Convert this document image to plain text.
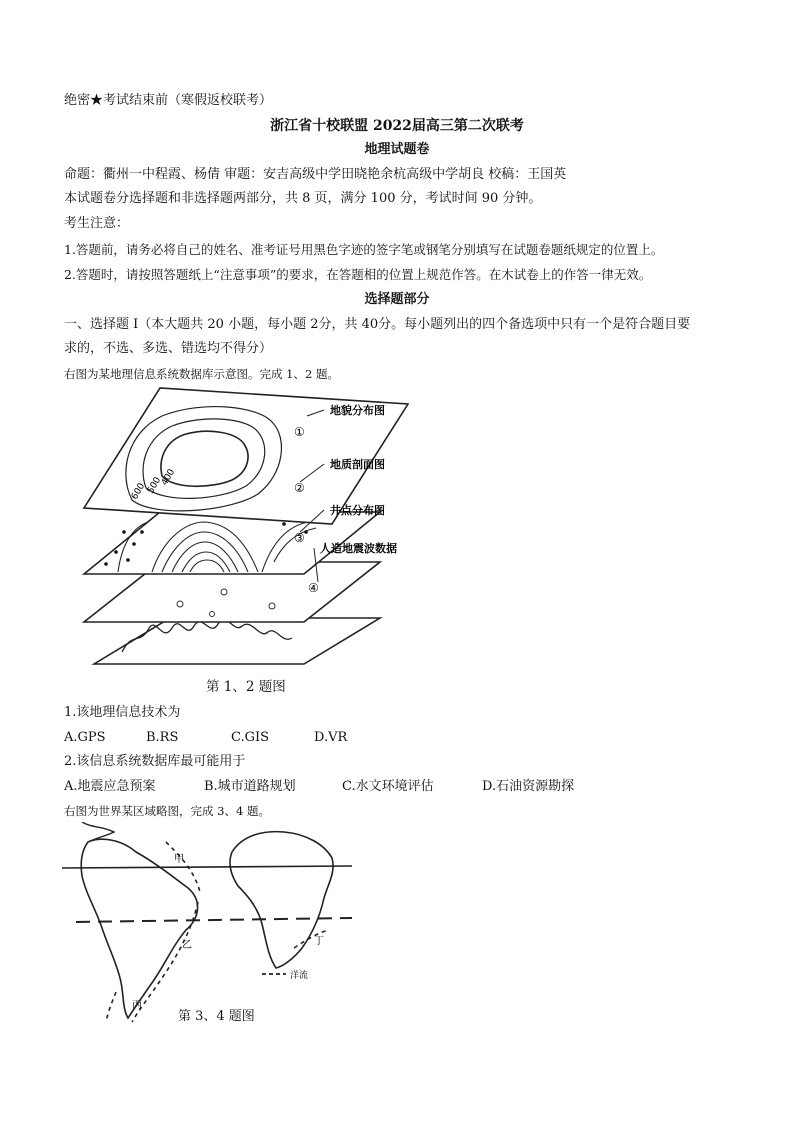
绝密★考试结束前（寒假返校联考）
浙江省十校联盟 2022届高三第二次联考
地理试题卷
命题：衢州一中程霞、杨倩 审题：安吉高级中学田晓艳余杭高级中学胡良 校稿：王国英
本试题卷分选择题和非选择题两部分，共 8 页，满分 100 分，考试时间 90 分钟。
考生注意：
1.答题前，请务必将自己的姓名、准考证号用黑色字迹的签字笔或钢笔分别填写在试题卷题纸规定的位置上。
2.答题时，请按照答题纸上“注意事项”的要求，在答题相的位置上规范作答。在木试卷上的作答一律无效。
选择题部分
一、选择题 I（本大题共 20 小题，每小题 2分，共 40分。每小题列出的四个备选项中只有一个是符合题目要
求的，不选、多选、错选均不得分）
右图为某地理信息系统数据库示意图。完成 1、2 题。
400
500
600
①
②
③
④
地貌分布图
地质剖面图
井点分布图
人造地震波数据
第 1、2 题图
1.该地理信息技术为
A.GPS	B.RS	C.GIS	D.VR
2.该信息系统数据库最可能用于
A.地震应急预案	B.城市道路规划	C.水文环境评估	D.石油资源勘探
右图为世界某区域略图，完成 3、4 题。
甲
乙
丙
丁
洋流
第 3、4 题图
